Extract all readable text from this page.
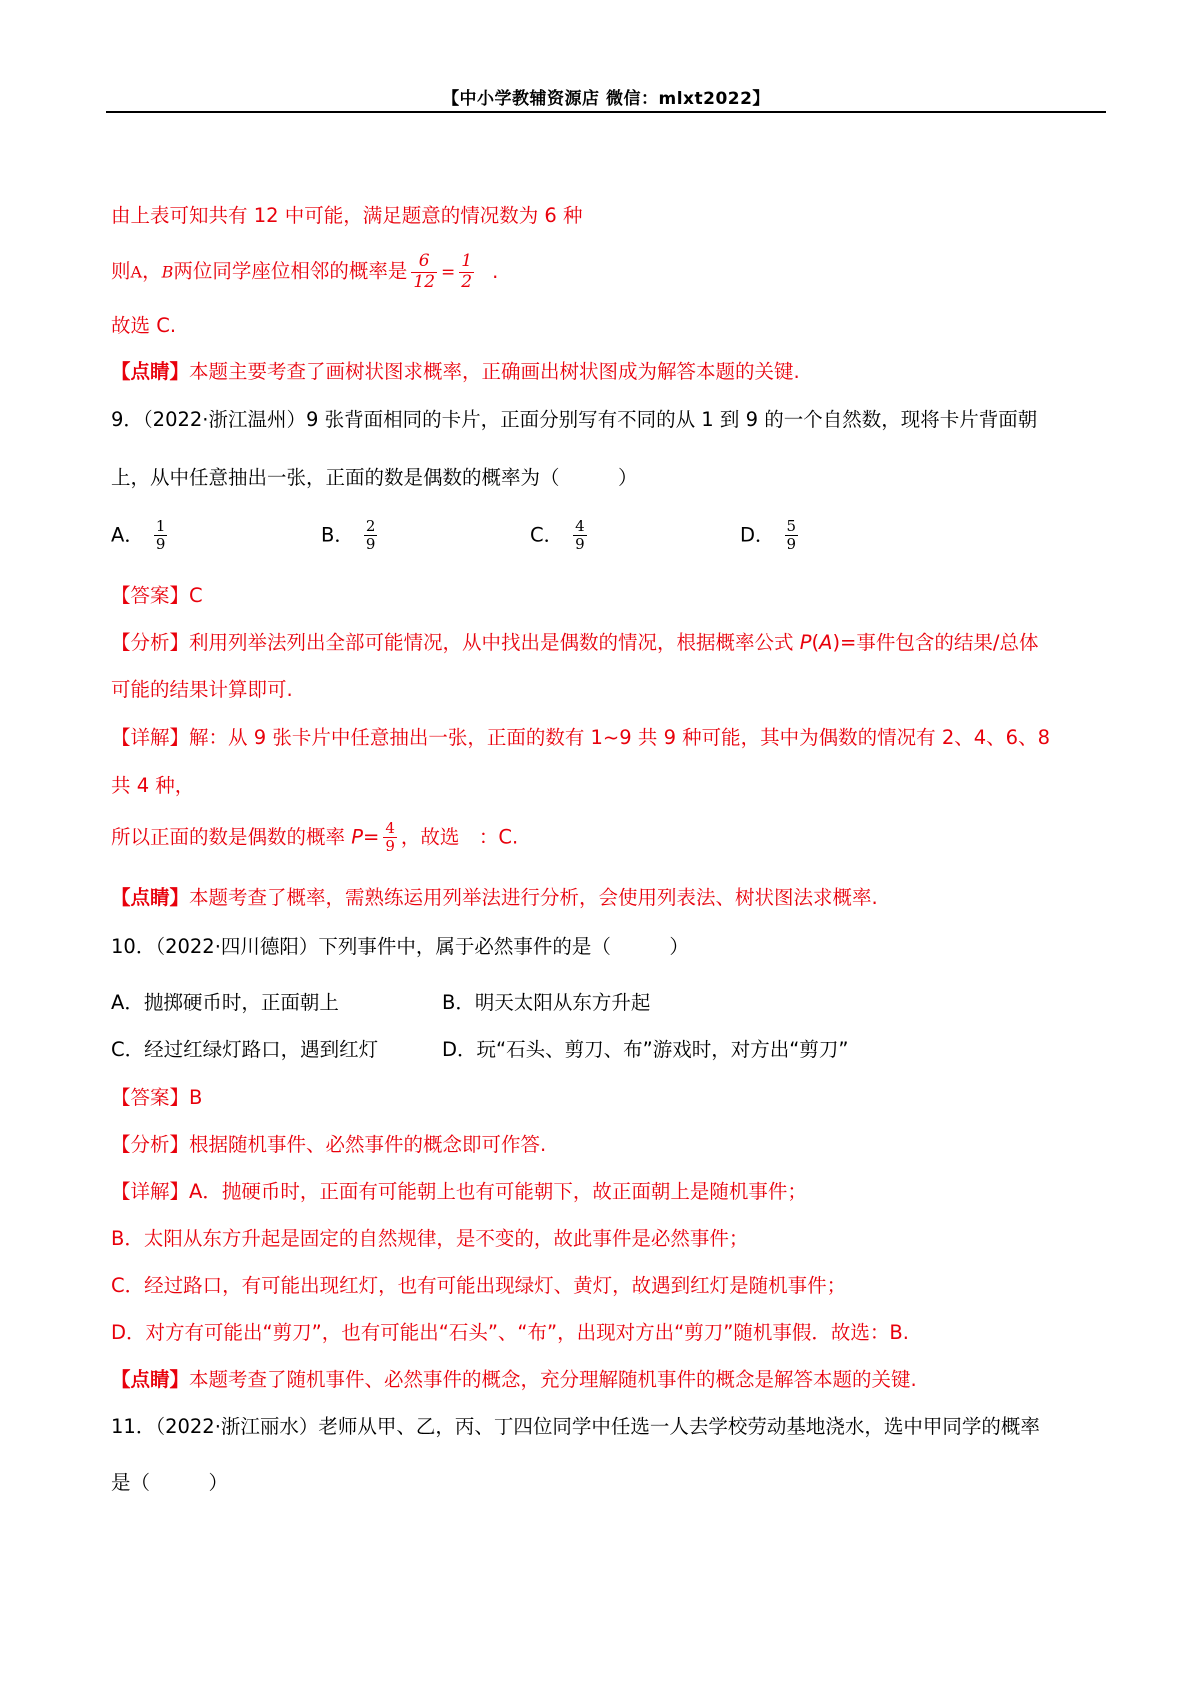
【中小学教辅资源店 微信：mlxt2022】
由上表可知共有 12 中可能，满足题意的情况数为 6 种
则A，B两位同学座位相邻的概率是 $\frac{6}{12} = \frac{1}{2}$ .
故选 C.
【点睛】本题主要考查了画树状图求概率，正确画出树状图成为解答本题的关键.
9．（2022·浙江温州）9 张背面相同的卡片，正面分别写有不同的从 1 到 9 的一个自然数，现将卡片背面朝
上，从中任意抽出一张，正面的数是偶数的概率为（　　　）
A． $\frac{1}{9}$	B． $\frac{2}{9}$	C． $\frac{4}{9}$	D． $\frac{5}{9}$
【答案】C
【分析】利用列举法列出全部可能情况，从中找出是偶数的情况，根据概率公式 P(A)=事件包含的结果/总体
可能的结果计算即可.
【详解】解：从 9 张卡片中任意抽出一张，正面的数有 1~9 共 9 种可能，其中为偶数的情况有 2、4、6、8
共 4 种，
所以正面的数是偶数的概率 $P= \frac{4}{9}$ ，故选　：C.
【点睛】本题考查了概率，需熟练运用列举法进行分析，会使用列表法、树状图法求概率.
10．（2022·四川德阳）下列事件中，属于必然事件的是（　　　）
A．抛掷硬币时，正面朝上	B．明天太阳从东方升起
C．经过红绿灯路口，遇到红灯	D．玩“石头、剪刀、布”游戏时，对方出“剪刀”
【答案】B
【分析】根据随机事件、必然事件的概念即可作答.
【详解】A．抛硬币时，正面有可能朝上也有可能朝下，故正面朝上是随机事件；
B．太阳从东方升起是固定的自然规律，是不变的，故此事件是必然事件；
C．经过路口，有可能出现红灯，也有可能出现绿灯、黄灯，故遇到红灯是随机事件；
D．对方有可能出“剪刀”，也有可能出“石头”、“布”，出现对方出“剪刀”随机事假．故选：B.
【点睛】本题考查了随机事件、必然事件的概念，充分理解随机事件的概念是解答本题的关键.
11．（2022·浙江丽水）老师从甲、乙，丙、丁四位同学中任选一人去学校劳动基地浇水，选中甲同学的概率
是（　　　）
